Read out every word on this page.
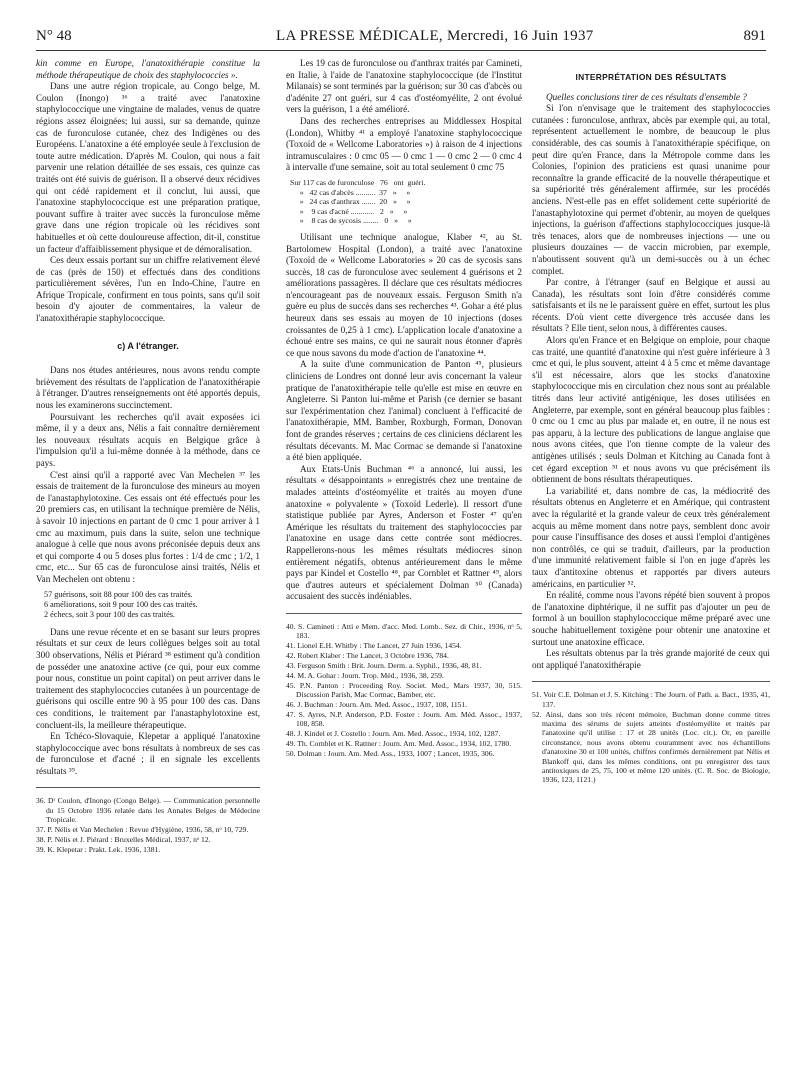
N° 48	LA PRESSE MÉDICALE, Mercredi, 16 Juin 1937	891

kin comme en Europe, l'anatoxithérapie constitue la méthode thérapeutique de choix des staphylococcies ».

Dans une autre région tropicale, au Congo belge, M. Coulon (Inongo) ³⁶ a traité avec l'anatoxine staphylococcique une vingtaine de malades, venus de quatre régions assez éloignées; lui aussi, sur sa demande, quinze cas de furonculose cutanée, chez des Indigènes ou des Européens. L'anatoxine a été employée seule à l'exclusion de toute autre médication. D'après M. Coulon, qui nous a fait parvenir une relation détaillée de ses essais, ces quinze cas traités ont été suivis de guérison. Il a observé deux récidives qui ont cédé rapidement et il conclut, lui aussi, que l'anatoxine staphylococcique est une préparation pratique, pouvant suffire à traiter avec succès la furonculose même grave dans une région tropicale où les récidives sont habituelles et où cette douloureuse affection, dit-il, constitue un facteur d'affaiblissement physique et de démoralisation.

Ces deux essais portant sur un chiffre relativement élevé de cas (près de 150) et effectués dans des conditions particulièrement sévères, l'un en Indo-Chine, l'autre en Afrique Tropicale, confirment en tous points, sans qu'il soit besoin d'y ajouter de commentaires, la valeur de l'anatoxithérapie staphylococcique.

c) A l'étranger.

Dans nos études antérieures, nous avons rendu compte brièvement des résultats de l'application de l'anatoxithérapie à l'étranger. D'autres renseignements ont été apportés depuis, nous les examinerons succinctement.

Poursuivant les recherches qu'il avait exposées ici même, il y a deux ans, Nélis a fait connaître dernièrement les nouveaux résultats acquis en Belgique grâce à l'impulsion qu'il a lui-même donnée à la méthode, dans ce pays.

C'est ainsi qu'il a rapporté avec Van Mechelen ³⁷ les essais de traitement de la furonculose des mineurs au moyen de l'anastaphylotoxine. Ces essais ont été effectués pour les 20 premiers cas, en utilisant la technique première de Nélis, à savoir 10 injections en partant de 0 cmc 1 pour arriver à 1 cmc au maximum, puis dans la suite, selon une technique analogue à celle que nous avons préconisée depuis deux ans et qui comporte 4 ou 5 doses plus fortes : 1/4 de cmc ; 1/2, 1 cmc, etc... Sur 65 cas de furonculose ainsi traités, Nélis et Van Mechelen ont obtenu :

57 guérisons, soit 88 pour 100 des cas traités.
6 améliorations, soit 9 pour 100 des cas traités.
2 échecs, soit 3 pour 100 des cas traités.

Dans une revue récente et en se basant sur leurs propres résultats et sur ceux de leurs collègues belges soit au total 300 observations, Nélis et Piérard ³⁸ estiment qu'à condition de posséder une anatoxine active (ce qui, pour eux comme pour nous, constitue un point capital) on peut arriver dans le traitement des staphylococcies cutanées à un pourcentage de guérisons qui oscille entre 90 à 95 pour 100 des cas. Dans ces conditions, le traitement par l'anastaphylotoxine est, concluent-ils, la meilleure thérapeutique.

En Tchéco-Slovaquie, Klepetar a appliqué l'anatoxine staphylococcique avec bons résultats à nombreux de ses cas de furonculose et d'acné ; il en signale les excellents résultats ³⁹.

36. Dʳ Coulon, d'Inongo (Congo Belge). — Communication personnelle du 15 Octobre 1936 relatée dans les Annales Belges de Médecine Tropicale.
37. P. Nélis et Van Mechelen : Revue d'Hygiène, 1936, 58, nᵒ 10, 729.
38. P. Nélis et J. Piérard : Bruxelles Médical, 1937, nᵒ 12.
39. K. Klepetar : Prakt. Lek. 1936, 1381.

Les 19 cas de furonculose ou d'anthrax traités par Camineti, en Italie, à l'aide de l'anatoxine staphylococcique (de l'Institut Milanais) se sont terminés par la guérison; sur 30 cas d'abcès ou d'adénite 27 ont guéri, sur 4 cas d'ostéomyélite, 2 ont évolué vers la guérison, 1 a été amélioré.

Dans des recherches entreprises au Middlessex Hospital (London), Whitby ⁴¹ a employé l'anatoxine staphylococcique (Toxoïd de « Wellcome Laboratories ») à raison de 4 injections intramusculaires : 0 cmc 05 — 0 cmc 1 — 0 cmc 2 — 0 cmc 4 à intervalle d'une semaine, soit au total seulement 0 cmc 75

Sur 117 cas de furonculose   76   ont  guéri.
»   42 cas d'abcès ..........  37   »     »
»   24 cas d'anthrax .......  20   »     »
»    9 cas d'acné ............   2   »     »
»    8 cas de sycosis ........   0   »     »

Utilisant une technique analogue, Klaber ⁴², au St. Bartolomew Hospital (London), a traité avec l'anatoxine (Toxoïd de « Wellcome Laboratories » 20 cas de sycosis sans succès, 18 cas de furonculose avec seulement 4 guérisons et 2 améliorations passagères. Il déclare que ces résultats médiocres n'encourageant pas de nouveaux essais. Ferguson Smith n'a guère eu plus de succès dans ses recherches ⁴³. Gohar a été plus heureux dans ses essais au moyen de 10 injections (doses croissantes de 0,25 à 1 cmc). L'application locale d'anatoxine a échoué entre ses mains, ce qui ne saurait nous étonner d'après ce que nous savons du mode d'action de l'anatoxine ⁴⁴.

A la suite d'une communication de Panton ⁴⁵, plusieurs cliniciens de Londres ont donné leur avis concernant la valeur pratique de l'anatoxithérapie telle qu'elle est mise en œuvre en Angleterre. Si Panton lui-même et Parish (ce dernier se basant sur l'expérimentation chez l'animal) concluent à l'efficacité de l'anatoxithérapie, MM. Bamber, Roxburgh, Forman, Donovan font de grandes réserves ; certains de ces cliniciens déclarent les résultats décevants. M. Mac Cormac se demande si l'anatoxine a été bien appliquée.

Aux Etats-Unis Buchman ⁴⁶ a annoncé, lui aussi, les résultats « désappointants » enregistrés chez une trentaine de malades atteints d'ostéomyélite et traités au moyen d'une anatoxine « polyvalente » (Toxoïd Lederle). Il ressort d'une statistique publiée par Ayres, Anderson et Foster ⁴⁷ qu'en Amérique les résultats du traitement des staphylococcies par l'anatoxine en usage dans cette contrée sont médiocres. Rappellerons-nous les mêmes résultats médiocres sinon entièrement négatifs, obtenus antérieurement dans le même pays par Kindel et Costello ⁴⁸, par Cornblet et Rattner ⁴⁹, alors que d'autres auteurs et spécialement Dolman ⁵⁰ (Canada) accusaient des succès indéniables.

40. S. Camineti : Atti e Mem. d'acc. Med. Lomb.. Sez. di Chir., 1936, nᵒ 5, 183.
41. Lionel E.H. Whitby : The Lancet, 27 Juin 1936, 1454.
42. Robert Klaber : The Lancet, 3 Octobre 1936, 784.
43. Ferguson Smith : Brit. Journ. Derm. a. Syphil., 1936, 48, 81.
44. M. A. Gohar : Journ. Trop. Méd., 1936, 38, 259.
45. P.N. Panton : Proceeding Roy. Societ. Med., Mars 1937, 30, 515. Discussion Parish, Mac Cormac, Bamber, etc.
46. J. Buchman : Journ. Am. Med. Assoc., 1937, 108, 1151.
47. S. Ayres, N.P. Anderson, P.D. Foster : Journ. Am. Méd. Assoc., 1937, 108, 858.
48. J. Kindel et J. Costello : Journ. Am. Med. Assoc., 1934, 102, 1287.
49. Th. Cornblet et K. Rattner : Journ. Am. Med. Assoc., 1934, 102, 1780.
50. Dolman : Journ. Am. Med. Ass., 1933, 1007 ; Lancet, 1935, 306.
INTERPRÉTATION DES RÉSULTATS

Quelles conclusions tirer de ces résultats d'ensemble ?

Si l'on n'envisage que le traitement des staphylococcies cutanées : furonculose, anthrax, abcès par exemple qui, au total, représentent actuellement le nombre, de beaucoup le plus considérable, des cas soumis à l'anatoxithérapie spécifique, on peut dire qu'en France, dans la Métropole comme dans les Colonies, l'opinion des praticiens est quasi unanime pour reconnaître la grande efficacité de la nouvelle thérapeutique et sa supériorité très généralement affirmée, sur les procédés anciens. N'est-elle pas en effet solidement cette supériorité de l'anastaphylotoxine qui permet d'obtenir, au moyen de quelques injections, la guérison d'affections staphylococciques jusque-là très tenaces, alors que de nombreuses injections — une ou plusieurs douzaines — de vaccin microbien, par exemple, n'aboutissent souvent qu'à un demi-succès ou à un échec complet.

Par contre, à l'étranger (sauf en Belgique et aussi au Canada), les résultats sont loin d'être considérés comme satisfaisants et ils ne le paraissent guère en effet, surtout les plus récents. D'où vient cette divergence très accusée dans les résultats ? Elle tient, selon nous, à différentes causes.

Alors qu'en France et en Belgique on emploie, pour chaque cas traité, une quantité d'anatoxine qui n'est guère inférieure à 3 cmc et qui, le plus souvent, atteint 4 à 5 cmc et même davantage s'il est nécessaire, alors que les stocks d'anatoxine staphylococcique mis en circulation chez nous sont au préalable titrés dans leur activité antigénique, les doses utilisées en Angleterre, par exemple, sont en général beaucoup plus faibles : 0 cmc ou 1 cmc au plus par malade et, en outre, il ne nous est pas apparu, à la lecture des publications de langue anglaise que nous avons citées, que l'on tienne compte de la valeur des antigènes utilisés ; seuls Dolman et Kitching au Canada font à cet égard exception ⁵¹ et nous avons vu que précisément ils obtiennent de bons résultats thérapeutiques.

La variabilité et, dans nombre de cas, la médiocrité des résultats obtenus en Angleterre et en Amérique, qui contrastent avec la régularité et la grande valeur de ceux très généralement acquis au même moment dans notre pays, semblent donc avoir pour cause l'insuffisance des doses et aussi l'emploi d'antigènes non contrôlés, ce qui se traduit, d'ailleurs, par la production d'une immunité relativement faible si l'on en juge d'après les taux d'antitoxine obtenus et rapportés par divers auteurs américains, en particulier ⁵².

En réalité, comme nous l'avons répété bien souvent à propos de l'anatoxine diphtérique, il ne suffit pas d'ajouter un peu de formol à un bouillon staphylococcique même préparé avec une souche habituellement toxigène pour obtenir une anatoxine et surtout une anatoxine efficace.

Les résultats obtenus par la très grande majorité de ceux qui ont appliqué l'anatoxithérapie

51. Voir C.E. Dolman et J. S. Kitching : The Journ. of Path. a. Bact., 1935, 41, 137.
52. Ainsi, dans son très récent mémoire, Buchman donne comme titres maxima des sérums de sujets atteints d'ostéomyélite et traités par l'anatoxine qu'il utilise : 17 et 28 unités (Loc. cit.). Or, en pareille circonstance, nous avons obtenu couramment avec nos échantillons d'anatoxine 30 et 100 unités, chiffres confirmés dernièrement par Nélis et Blankoff qui, dans les mêmes conditions, ont pu enregistrer des taux antitoxiques de 25, 75, 100 et même 120 unités. (C. R. Soc. de Biologie, 1936, 123, 1121.)
